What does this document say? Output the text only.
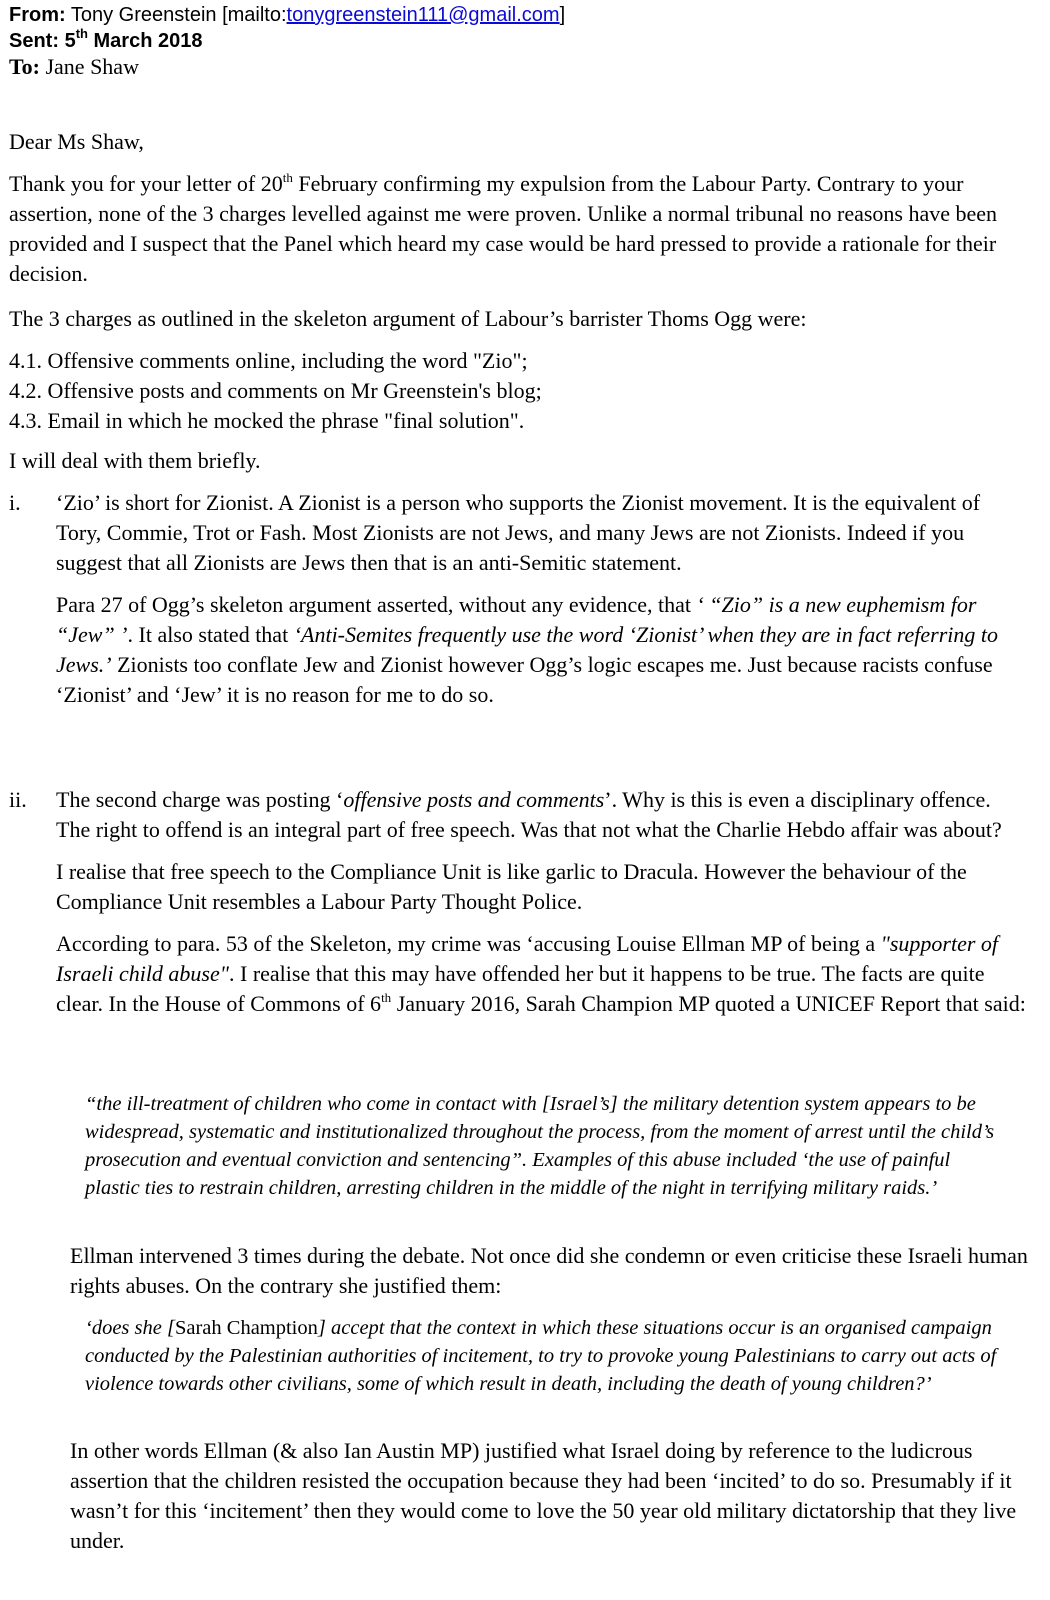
From: Tony Greenstein [mailto:tonygreenstein111@gmail.com]
Sent: 5th March 2018
To: Jane Shaw

Dear Ms Shaw,

Thank you for your letter of 20th February confirming my expulsion from the Labour Party. Contrary to your assertion, none of the 3 charges levelled against me were proven. Unlike a normal tribunal no reasons have been provided and I suspect that the Panel which heard my case would be hard pressed to provide a rationale for their decision.

The 3 charges as outlined in the skeleton argument of Labour’s barrister Thoms Ogg were:

4.1. Offensive comments online, including the word "Zio";

4.2. Offensive posts and comments on Mr Greenstein's blog;

4.3. Email in which he mocked the phrase "final solution".

I will deal with them briefly.

i. ‘Zio’ is short for Zionist. A Zionist is a person who supports the Zionist movement. It is the equivalent of Tory, Commie, Trot or Fash. Most Zionists are not Jews, and many Jews are not Zionists. Indeed if you suggest that all Zionists are Jews then that is an anti-Semitic statement.

Para 27 of Ogg’s skeleton argument asserted, without any evidence, that ‘ “Zio” is a new euphemism for “Jew” ’. It also stated that ‘Anti-Semites frequently use the word ‘Zionist’ when they are in fact referring to Jews.’ Zionists too conflate Jew and Zionist however Ogg’s logic escapes me. Just because racists confuse ‘Zionist’ and ‘Jew’ it is no reason for me to do so.

ii. The second charge was posting ‘offensive posts and comments’. Why is this is even a disciplinary offence. The right to offend is an integral part of free speech. Was that not what the Charlie Hebdo affair was about?

I realise that free speech to the Compliance Unit is like garlic to Dracula. However the behaviour of the Compliance Unit resembles a Labour Party Thought Police.

According to para. 53 of the Skeleton, my crime was ‘accusing Louise Ellman MP of being a "supporter of Israeli child abuse". I realise that this may have offended her but it happens to be true. The facts are quite clear. In the House of Commons of 6th January 2016, Sarah Champion MP quoted a UNICEF Report that said:

“the ill-treatment of children who come in contact with [Israel’s] the military detention system appears to be widespread, systematic and institutionalized throughout the process, from the moment of arrest until the child’s prosecution and eventual conviction and sentencing”. Examples of this abuse included ‘the use of painful plastic ties to restrain children, arresting children in the middle of the night in terrifying military raids.’

Ellman intervened 3 times during the debate. Not once did she condemn or even criticise these Israeli human rights abuses. On the contrary she justified them:

‘does she [Sarah Chamption] accept that the context in which these situations occur is an organised campaign conducted by the Palestinian authorities of incitement, to try to provoke young Palestinians to carry out acts of violence towards other civilians, some of which result in death, including the death of young children?’

In other words Ellman (& also Ian Austin MP) justified what Israel doing by reference to the ludicrous assertion that the children resisted the occupation because they had been ‘incited’ to do so. Presumably if it wasn’t for this ‘incitement’ then they would come to love the 50 year old military dictatorship that they live under.
